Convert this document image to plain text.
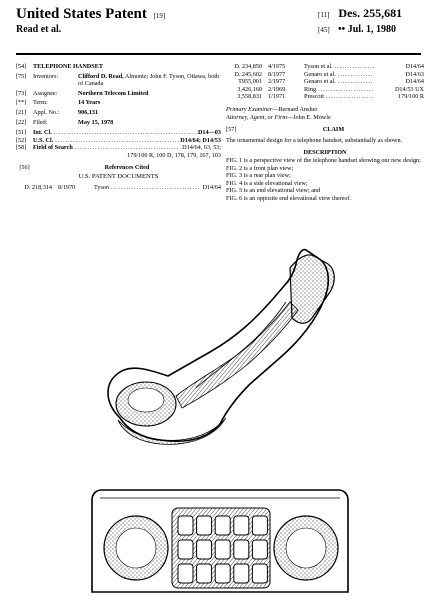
United States Patent [19]
Read et al.
[11] Des. 255,681
[45] •• Jul. 1, 1980
[54]	TELEPHONE HANDSET
[75]	Inventors:	Clifford D. Read, Almonte; John F. Tyson, Ottawa, both of Canada
[73]	Assignee:	Northern Telecom Limited
[**]	Term:	14 Years
[21]	Appl. No.:	906,131
[22]	Filed:	May 15, 1978
[51]	Int. Cl. .....	D14—03
[52]	U.S. Cl. .....	D14/64; D14/53
[58]	Field of Search .....	D14/64, 63, 53;
179/100 R, 100 D, 178, 179, 167, 103
[56]	References Cited
U.S. PATENT DOCUMENTS
D. 218,314 8/1970	Tyson .....	D14/64
D. 234,850 4/1975	Tyson et al. .....	D14/64
D. 245,602 8/1977	Genaro et al. .....	D14/63
T955,001 2/1977	Genaro et al. .....	D14/64
3,426,160 2/1969	Ring .....	D14/53 UX
3,558,831 1/1971	Prescott .....	179/100 R
Primary Examiner—Bernard Ansher
Attorney, Agent, or Firm—John E. Mowle
[57]	CLAIM
The ornamental design for a telephone handset, substantially as shown.
DESCRIPTION
FIG. 1 is a perspective view of the telephone handset showing our new design;
FIG. 2 is a front plan view;
FIG. 3 is a rear plan view;
FIG. 4 is a side elevational view;
FIG. 5 is an end elevational view; and
FIG. 6 is an opposite end elevational view thereof.
